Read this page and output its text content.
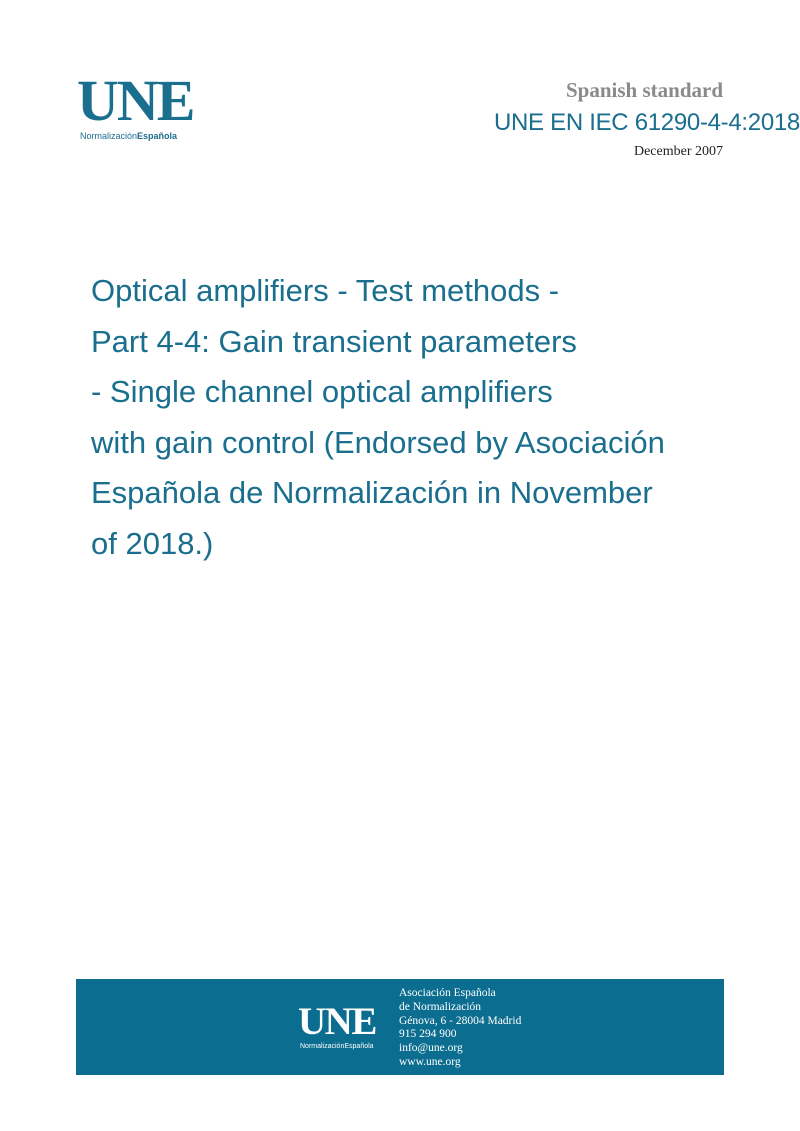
UNE
NormalizaciónEspañola
Spanish standard
UNE EN IEC 61290-4-4:2018
December 2007
Optical amplifiers - Test methods -
Part 4-4: Gain transient parameters
- Single channel optical amplifiers
with gain control (Endorsed by Asociación
Española de Normalización in November
of 2018.)
UNE
NormalizaciónEspañola
Asociación Española
de Normalización
Génova, 6 - 28004 Madrid
915 294 900
info@une.org
www.une.org
